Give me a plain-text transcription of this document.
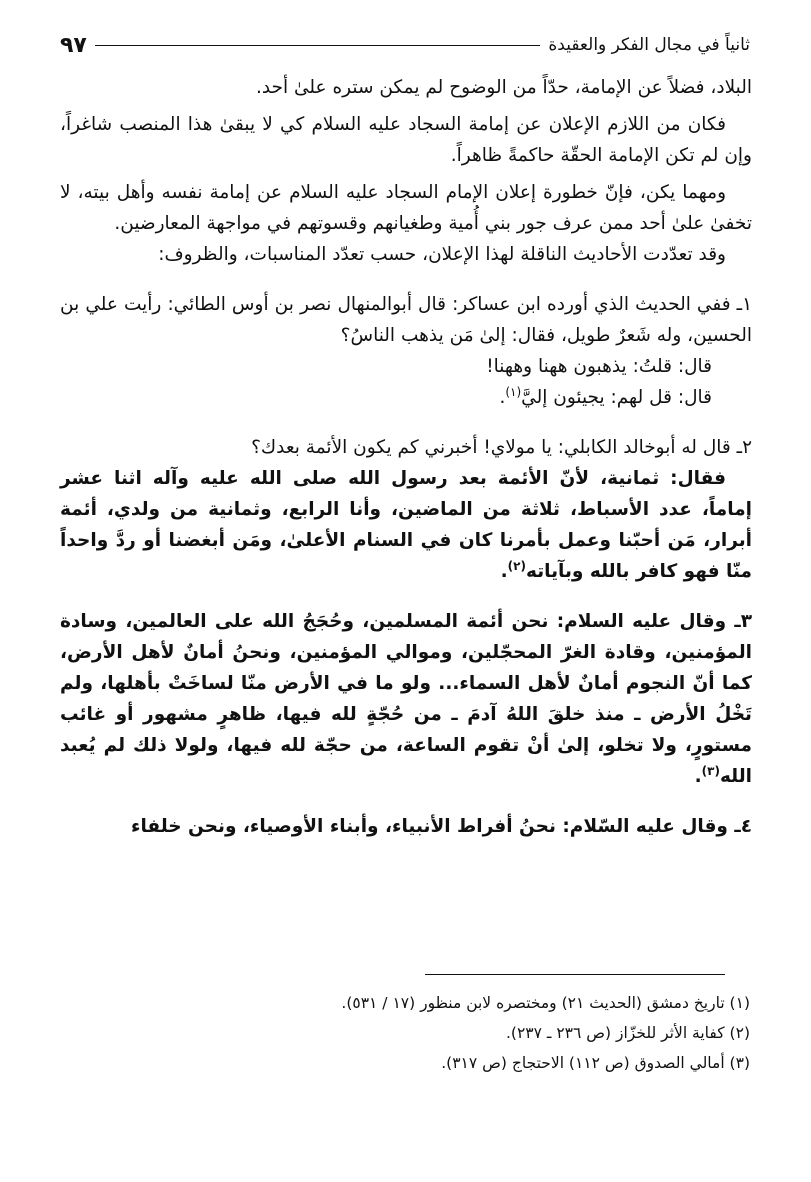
ثانياً في مجال الفكر والعقيدة
٩٧

البلاد، فضلاً عن الإمامة، حدّاً من الوضوح لم يمكن ستره علىٰ أحد.

فكان من اللازم الإعلان عن إمامة السجاد عليه السلام كي لا يبقىٰ هذا المنصب شاغراً، وإن لم تكن الإمامة الحقّة حاكمةً ظاهراً.

ومهما يكن، فإنّ خطورة إعلان الإمام السجاد عليه السلام عن إمامة نفسه وأهل بيته، لا تخفىٰ علىٰ أحد ممن عرف جور بني أُمية وطغيانهم وقسوتهم في مواجهة المعارضين.

وقد تعدّدت الأحاديث الناقلة لهذا الإعلان، حسب تعدّد المناسبات، والظروف:

١ـ ففي الحديث الذي أورده ابن عساكر: قال أبوالمنهال نصر بن أوس الطائي: رأيت علي بن الحسين، وله شَعرٌ طويل، فقال: إلىٰ مَن يذهب الناسُ؟

قال: قلتُ: يذهبون ههنا وههنا!

قال: قل لهم: يجيئون إليَّ$^{(١)}$.

٢ـ قال له أبوخالد الكابلي: يا مولاي! أخبرني كم يكون الأئمة بعدك؟

فقال: ثمانية، لأنّ الأئمة بعد رسول الله صلى الله عليه وآله اثنا عشر إماماً، عدد الأسباط، ثلاثة من الماضين، وأنا الرابع، وثمانية من ولدي، أئمة أبرار، مَن أحبّنا وعمل بأمرنا كان في السنام الأعلىٰ، ومَن أبغضنا أو ردَّ واحداً منّا فهو كافر بالله وبآياته$^{(٢)}$.

٣ـ وقال عليه السلام: نحن أئمة المسلمين، وحُجَجُ الله على العالمين، وسادة المؤمنين، وقادة الغرّ المحجّلين، وموالي المؤمنين، ونحنُ أمانٌ لأهل الأرض، كما أنّ النجوم أمانٌ لأهل السماء... ولو ما في الأرض منّا لساخَتْ بأهلها، ولم تَخْلُ الأرض ـ منذ خلقَ اللهُ آدمَ ـ من حُجّةٍ لله فيها، ظاهرٍ مشهور أو غائب مستورٍ، ولا تخلو، إلىٰ أنْ تقوم الساعة، من حجّة لله فيها، ولولا ذلك لم يُعبد الله$^{(٣)}$.

٤ـ وقال عليه السّلام: نحنُ أفراط الأنبياء، وأبناء الأوصياء، ونحن خلفاء

(١) تاريخ دمشق (الحديث ٢١) ومختصره لابن منظور (١٧ / ٥٣١).

(٢) كفاية الأثر للخزّاز (ص ٢٣٦ ـ ٢٣٧).

(٣) أمالي الصدوق (ص ١١٢) الاحتجاج (ص ٣١٧).
